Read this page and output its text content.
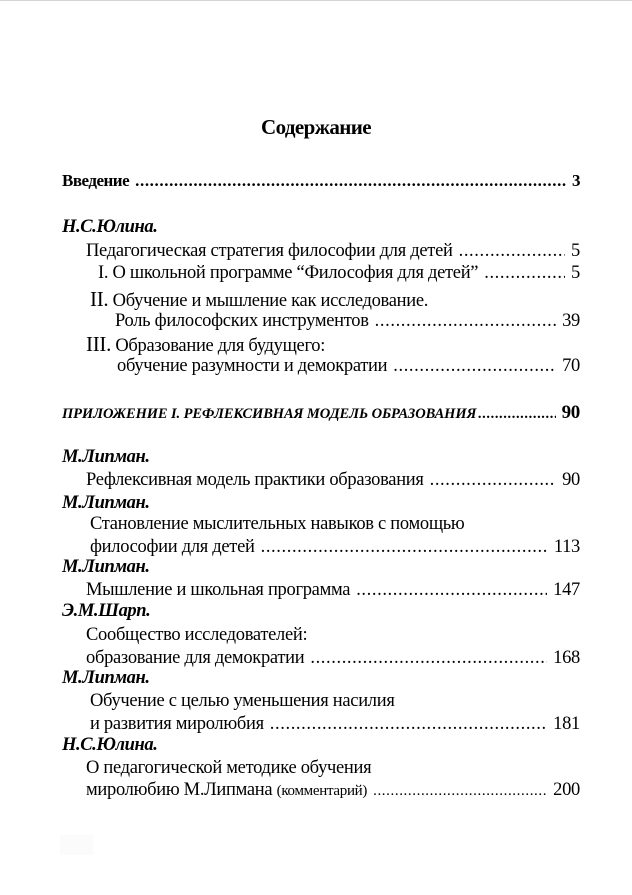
Содержание
Введение .....	3
Н.С.Юлина.
Педагогическая стратегия философии для детей .....	5
I. О школьной программе “Философия для детей” .....	5
II. Обучение и мышление как исследование.
Роль философских инструментов .....	39
III. Образование для будущего:
обучение разумности и демократии .....	70
ПРИЛОЖЕНИЕ I. РЕФЛЕКСИВНАЯ МОДЕЛЬ ОБРАЗОВАНИЯ .....	90
М.Липман.
Рефлексивная модель практики образования .....	90
М.Липман.
Становление мыслительных навыков с помощью
философии для детей .....	113
М.Липман.
Мышление и школьная программа .....	147
Э.М.Шарп.
Сообщество исследователей:
образование для демократии .....	168
М.Липман.
Обучение с целью уменьшения насилия
и развития миролюбия .....	181
Н.С.Юлина.
О педагогической методике обучения
миролюбию М.Липмана (комментарий) .....	200
